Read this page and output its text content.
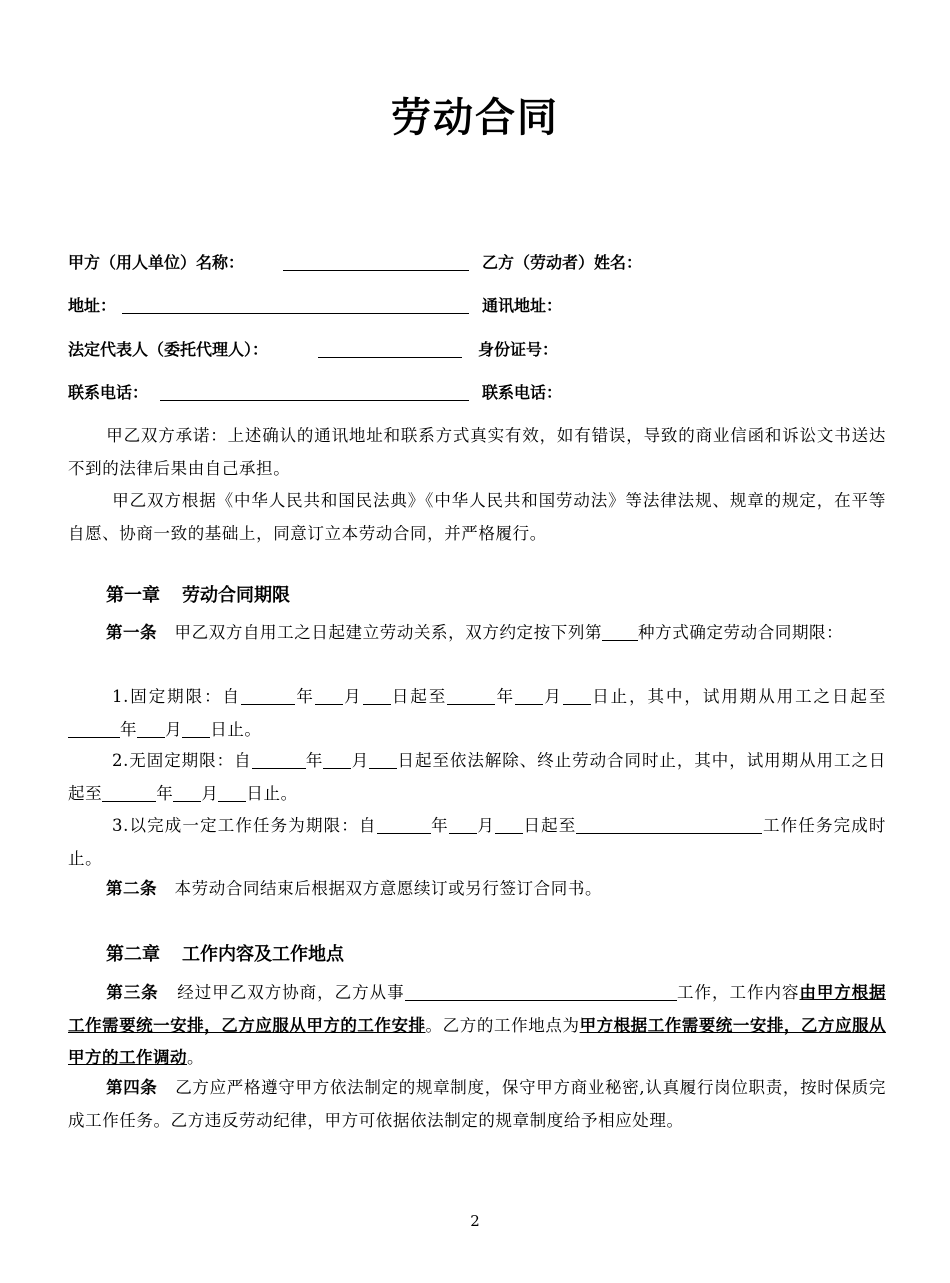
劳动合同
甲方（用人单位）名称：	乙方（劳动者）姓名：
地址：	通讯地址：
法定代表人（委托代理人）：	身份证号：
联系电话：	联系电话：

甲乙双方承诺：上述确认的通讯地址和联系方式真实有效，如有错误，导致的商业信函和诉讼文书送达不到的法律后果由自己承担。

甲乙双方根据《中华人民共和国民法典》《中华人民共和国劳动法》等法律法规、规章的规定，在平等自愿、协商一致的基础上，同意订立本劳动合同，并严格履行。

第一章 劳动合同期限

第一条 甲乙双方自用工之日起建立劳动关系，双方约定按下列第 种方式确定劳动合同期限：

1.固定期限：自	年 月 日起至	年 月 日止，其中，试用期从用工之日起至年 月 日止。

2.无固定期限：自	年 月 日起至依法解除、终止劳动合同时止，其中，试用期从用工之日起至	年 月 日止。

3.以完成一定工作任务为期限：自	年 月 日起至	工作任务完成时止。

第二条 本劳动合同结束后根据双方意愿续订或另行签订合同书。

第二章 工作内容及工作地点

第三条 经过甲乙双方协商，乙方从事	工作，工作内容由甲方根据工作需要统一安排，乙方应服从甲方的工作安排。乙方的工作地点为甲方根据工作需要统一安排，乙方应服从甲方的工作调动。

第四条 乙方应严格遵守甲方依法制定的规章制度，保守甲方商业秘密,认真履行岗位职责，按时保质完成工作任务。乙方违反劳动纪律，甲方可依据依法制定的规章制度给予相应处理。

2
